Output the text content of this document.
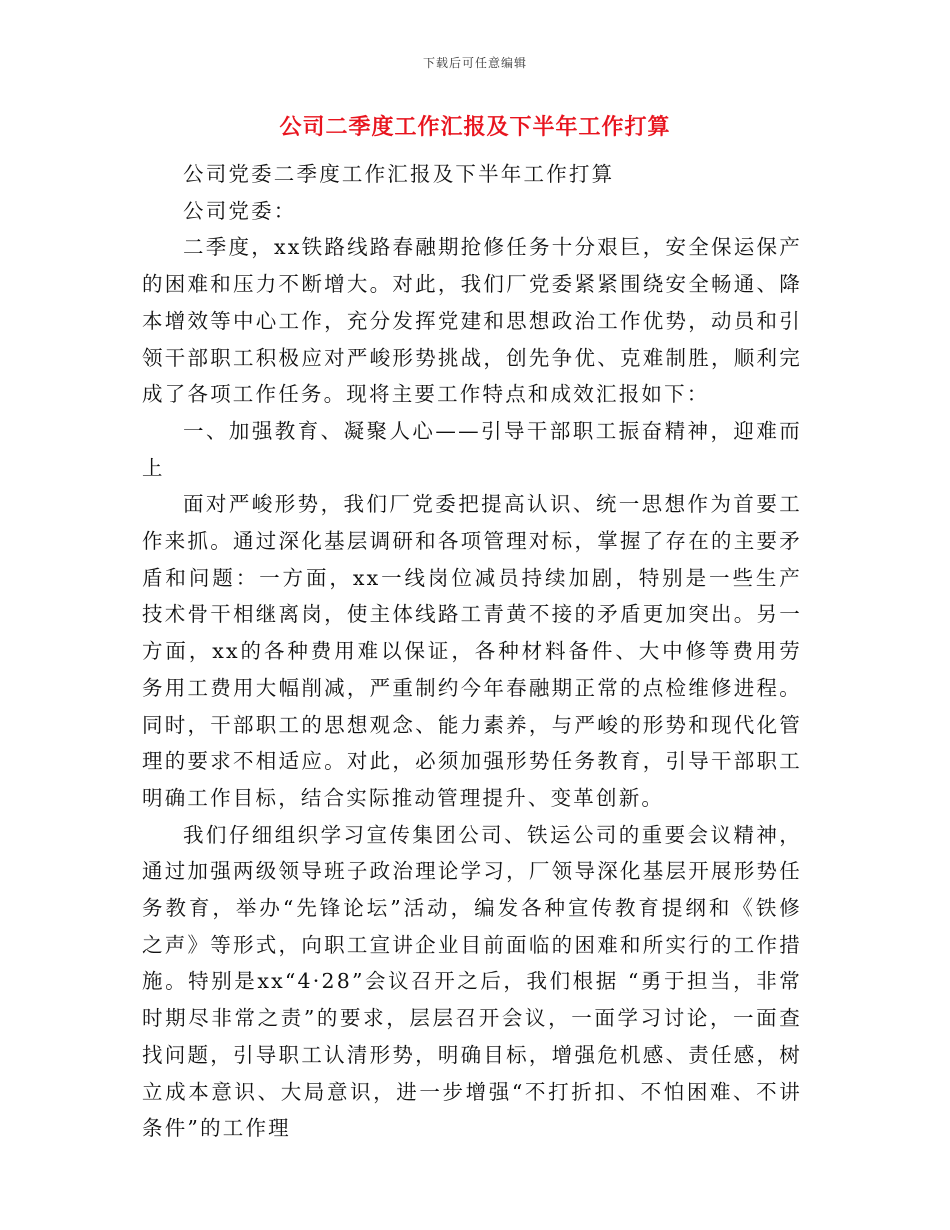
下载后可任意编辑
公司二季度工作汇报及下半年工作打算

公司党委二季度工作汇报及下半年工作打算

公司党委：

二季度，xx铁路线路春融期抢修任务十分艰巨，安全保运保产的困难和压力不断增大。对此，我们厂党委紧紧围绕安全畅通、降本增效等中心工作，充分发挥党建和思想政治工作优势，动员和引领干部职工积极应对严峻形势挑战，创先争优、克难制胜，顺利完成了各项工作任务。现将主要工作特点和成效汇报如下：

一、加强教育、凝聚人心——引导干部职工振奋精神，迎难而上

面对严峻形势，我们厂党委把提高认识、统一思想作为首要工作来抓。通过深化基层调研和各项管理对标，掌握了存在的主要矛盾和问题：一方面，xx一线岗位减员持续加剧，特别是一些生产技术骨干相继离岗，使主体线路工青黄不接的矛盾更加突出。另一方面，xx的各种费用难以保证，各种材料备件、大中修等费用劳务用工费用大幅削减，严重制约今年春融期正常的点检维修进程。同时，干部职工的思想观念、能力素养，与严峻的形势和现代化管理的要求不相适应。对此，必须加强形势任务教育，引导干部职工明确工作目标，结合实际推动管理提升、变革创新。

我们仔细组织学习宣传集团公司、铁运公司的重要会议精神，通过加强两级领导班子政治理论学习，厂领导深化基层开展形势任务教育，举办“先锋论坛”活动，编发各种宣传教育提纲和《铁修之声》等形式，向职工宣讲企业目前面临的困难和所实行的工作措施。特别是xx“4·28”会议召开之后，我们根据 “勇于担当，非常时期尽非常之责”的要求，层层召开会议，一面学习讨论，一面查找问题，引导职工认清形势，明确目标，增强危机感、责任感，树立成本意识、大局意识，进一步增强“不打折扣、不怕困难、不讲条件”的工作理
